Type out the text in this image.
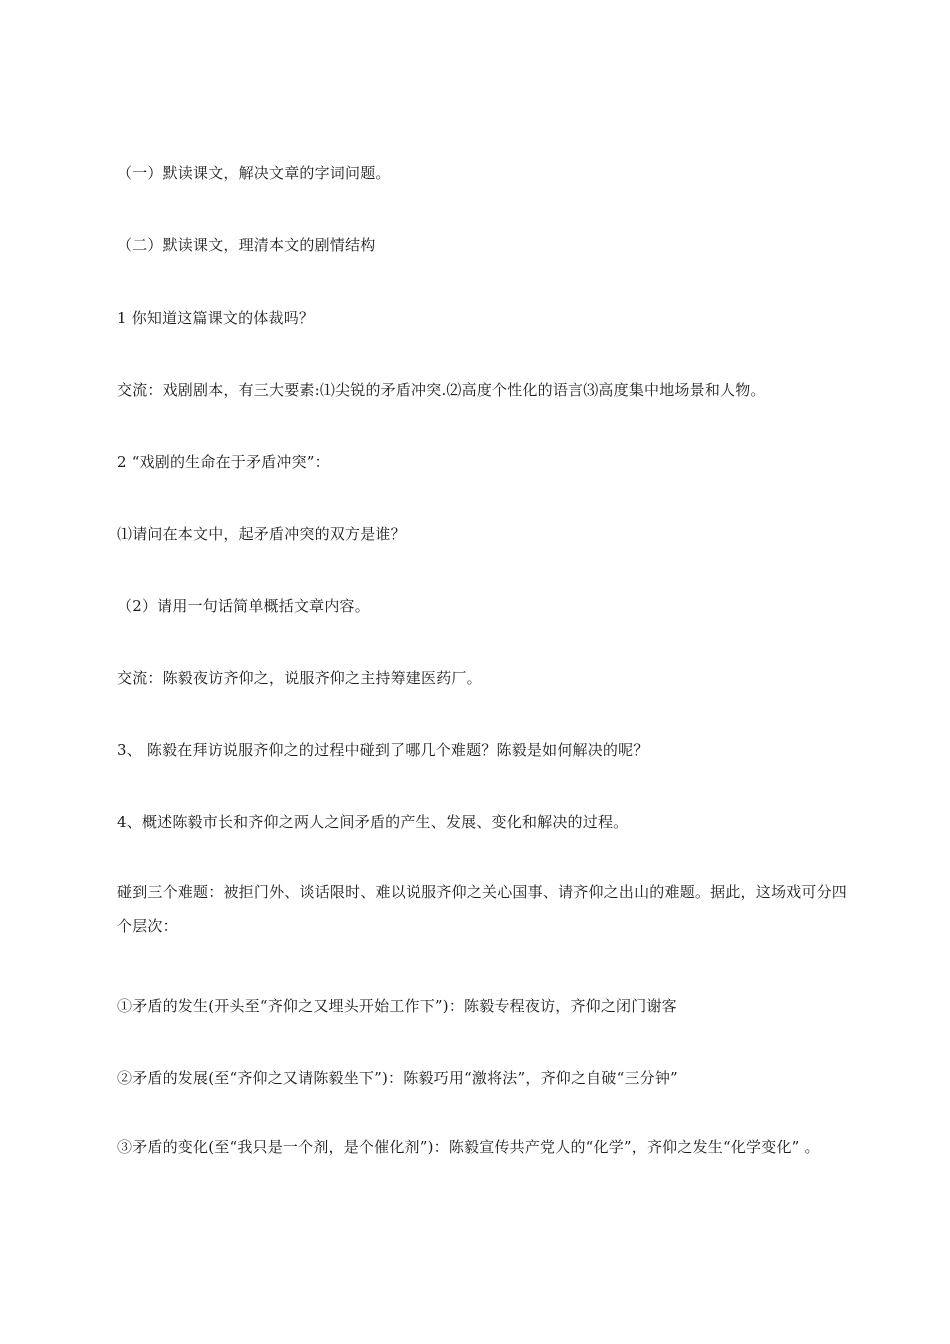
（一）默读课文，解决文章的字词问题。
（二）默读课文，理清本文的剧情结构
1 你知道这篇课文的体裁吗？
交流：戏剧剧本，有三大要素:⑴尖锐的矛盾冲突.⑵高度个性化的语言⑶高度集中地场景和人物。
2 “戏剧的生命在于矛盾冲突”：
⑴请问在本文中，起矛盾冲突的双方是谁？
（2）请用一句话简单概括文章内容。
交流：陈毅夜访齐仰之，说服齐仰之主持筹建医药厂。
3、 陈毅在拜访说服齐仰之的过程中碰到了哪几个难题？陈毅是如何解决的呢？
4、概述陈毅市长和齐仰之两人之间矛盾的产生、发展、变化和解决的过程。
碰到三个难题：被拒门外、谈话限时、难以说服齐仰之关心国事、请齐仰之出山的难题。据此，这场戏可分四个层次：
①矛盾的发生(开头至“齐仰之又埋头开始工作下”)：陈毅专程夜访，齐仰之闭门谢客
②矛盾的发展(至“齐仰之又请陈毅坐下”)：陈毅巧用“激将法”，齐仰之自破“三分钟”
③矛盾的变化(至“我只是一个剂，是个催化剂”)：陈毅宣传共产党人的“化学”，齐仰之发生“化学变化” 。
